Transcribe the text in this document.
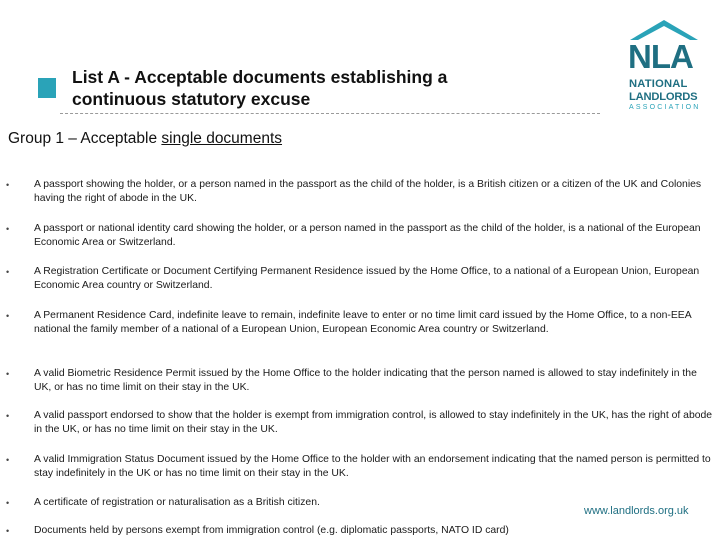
List A - Acceptable documents establishing a
continuous statutory excuse
NLA
NATIONAL
LANDLORDS
ASSOCIATION
Group 1 – Acceptable single documents
• A passport showing the holder, or a person named in the passport as the child of the holder, is a British citizen or a citizen of the UK and Colonies having the right of abode in the UK.
• A passport or national identity card showing the holder, or a person named in the passport as the child of the holder, is a national of the European Economic Area or Switzerland.
• A Registration Certificate or Document Certifying Permanent Residence issued by the Home Office, to a national of a European Union, European Economic Area country or Switzerland.
• A Permanent Residence Card, indefinite leave to remain, indefinite leave to enter or no time limit card issued by the Home Office, to a non-EEA national the family member of a national of a European Union, European Economic Area country or Switzerland.
• A valid Biometric Residence Permit issued by the Home Office to the holder indicating that the person named is allowed to stay indefinitely in the UK, or has no time limit on their stay in the UK.
• A valid passport endorsed to show that the holder is exempt from immigration control, is allowed to stay indefinitely in the UK, has the right of abode in the UK, or has no time limit on their stay in the UK.
• A valid Immigration Status Document issued by the Home Office to the holder with an endorsement indicating that the named person is permitted to stay indefinitely in the UK or has no time limit on their stay in the UK.
• A certificate of registration or naturalisation as a British citizen.
• Documents held by persons exempt from immigration control (e.g. diplomatic passports, NATO ID card)
www.landlords.org.uk
